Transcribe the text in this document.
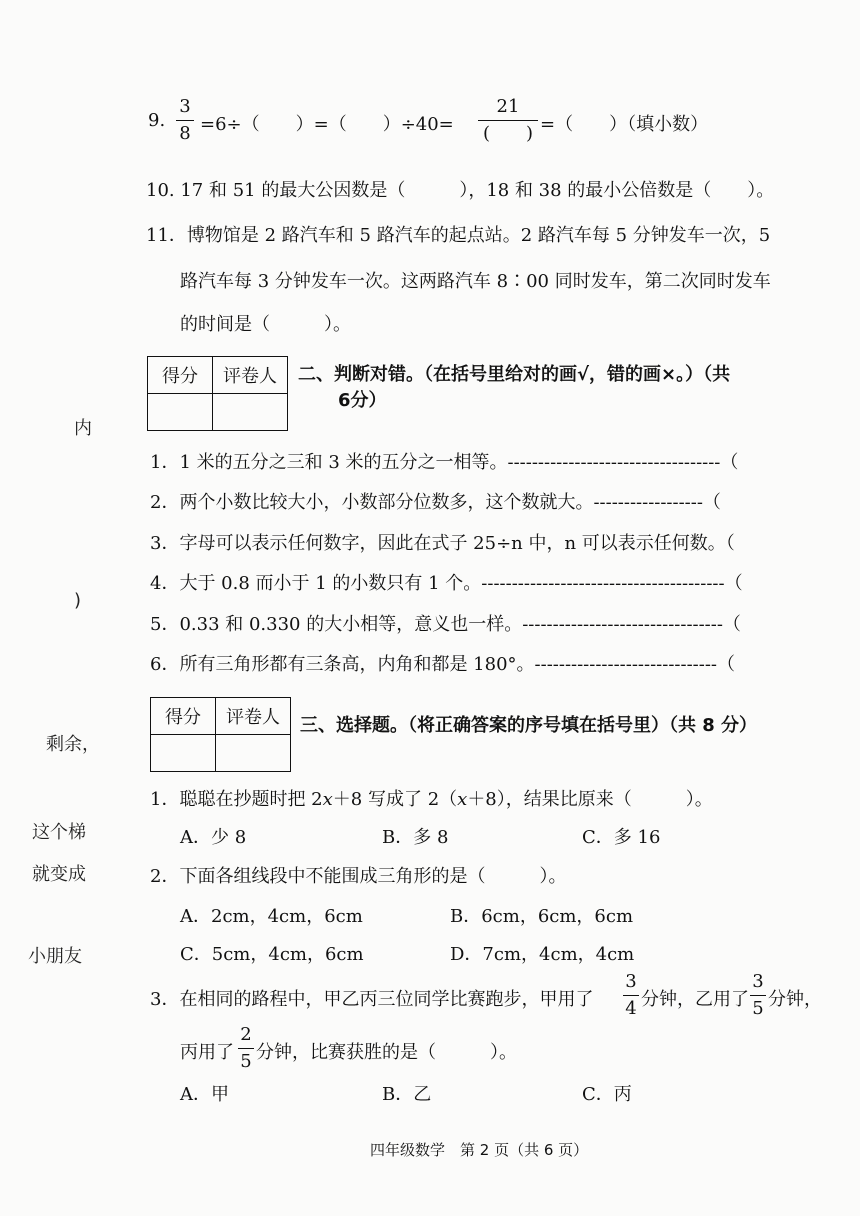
9.
3
8 =6÷（　　）=（　　）÷40=
21
(　　) =（　　）（填小数）
10. 17 和 51 的最大公因数是（　　　），18 和 38 的最小公倍数是（　　）。
11．博物馆是 2 路汽车和 5 路汽车的起点站。2 路汽车每 5 分钟发车一次，5
路汽车每 3 分钟发车一次。这两路汽车 8∶00 同时发车，第二次同时发车
的时间是（　　　）。
得分	评卷人
	二、判断对错。（在括号里给对的画√，错的画×。）（共
6分）
1．1 米的五分之三和 3 米的五分之一相等。-----------------------------------（
2．两个小数比较大小，小数部分位数多，这个数就大。------------------（
3．字母可以表示任何数字，因此在式子 25÷n 中，n 可以表示任何数。（
4．大于 0.8 而小于 1 的小数只有 1 个。----------------------------------------（
5．0.33 和 0.330 的大小相等，意义也一样。---------------------------------（
6．所有三角形都有三条高，内角和都是 180°。------------------------------（
得分	评卷人
	三、选择题。（将正确答案的序号填在括号里）（共 8 分）
1．聪聪在抄题时把 2x＋8 写成了 2（x＋8），结果比原来（　　　）。
A．少 8	B．多 8	C．多 16
2．下面各组线段中不能围成三角形的是（　　　）。
A．2cm，4cm，6cm	B．6cm，6cm，6cm
C．5cm，4cm，6cm	D．7cm，4cm，4cm
3．在相同的路程中，甲乙丙三位同学比赛跑步，甲用了
3
4 分钟，乙用了
3
5 分钟，
丙用了
2
5 分钟，比赛获胜的是（　　　）。
A．甲	B．乙	C．丙
内
)
剩余，
这个梯
就变成
小朋友
四年级数学　第 2 页（共 6 页）
